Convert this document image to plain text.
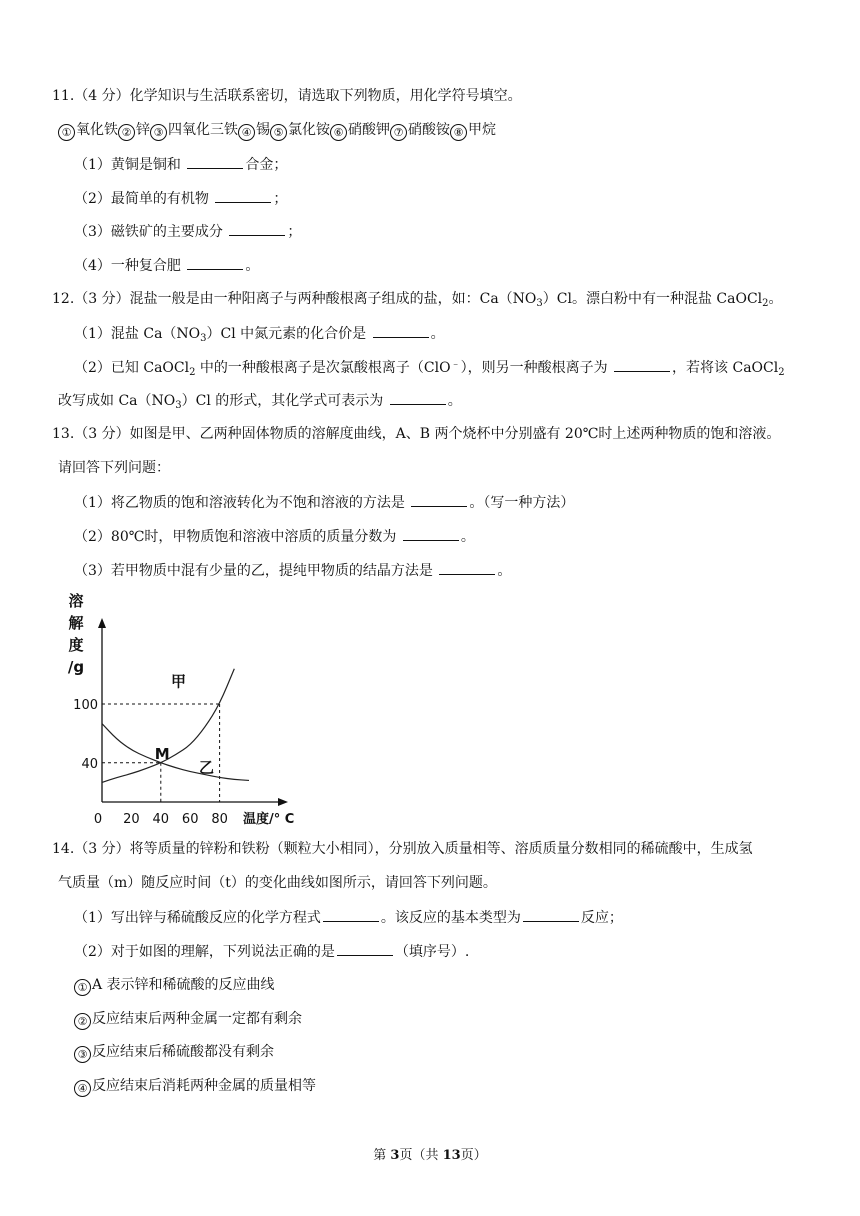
11.（4 分）化学知识与生活联系密切，请选取下列物质，用化学符号填空。
① 氧化铁 ② 锌 ③ 四氧化三铁 ④ 锡 ⑤ 氯化铵 ⑥ 硝酸钾 ⑦ 硝酸铵 ⑧ 甲烷
（1）黄铜是铜和	合金；
（2）最简单的有机物	；
（3）磁铁矿的主要成分	；
（4）一种复合肥	。
12.（3 分）混盐一般是由一种阳离子与两种酸根离子组成的盐，如：$Ca(NO_3)Cl$。漂白粉中有一种混盐 CaOCl$_2$。
（1）混盐 $Ca(NO_3)Cl$ 中氮元素的化合价是	。
（2）已知 CaOCl$_2$ 中的一种酸根离子是次氯酸根离子（ClO﹣），则另一种酸根离子为	，若将该 CaOCl$_2$
改写成如 $Ca(NO_3)Cl$ 的形式，其化学式可表示为	。
13.（3 分）如图是甲、乙两种固体物质的溶解度曲线，A、B 两个烧杯中分别盛有 20℃时上述两种物质的饱和溶液。
请回答下列问题：
（1）将乙物质的饱和溶液转化为不饱和溶液的方法是	。（写一种方法）
（2）80℃时，甲物质饱和溶液中溶质的质量分数为	。
（3）若甲物质中混有少量的乙，提纯甲物质的结晶方法是	。
溶
解
度
/g
0 20 40 60 80
40
100
甲
乙
M
温度/° C
14.（3 分）将等质量的锌粉和铁粉（颗粒大小相同），分别放入质量相等、溶质质量分数相同的稀硫酸中，生成氢
气质量（m）随反应时间（t）的变化曲线如图所示，请回答下列问题。
（1）写出锌与稀硫酸反应的化学方程式	。该反应的基本类型为	反应；
（2）对于如图的理解，下列说法正确的是	（填序号）.
① A 表示锌和稀硫酸的反应曲线
② 反应结束后两种金属一定都有剩余
③ 反应结束后稀硫酸都没有剩余
④ 反应结束后消耗两种金属的质量相等
第 3页（共 13页）
